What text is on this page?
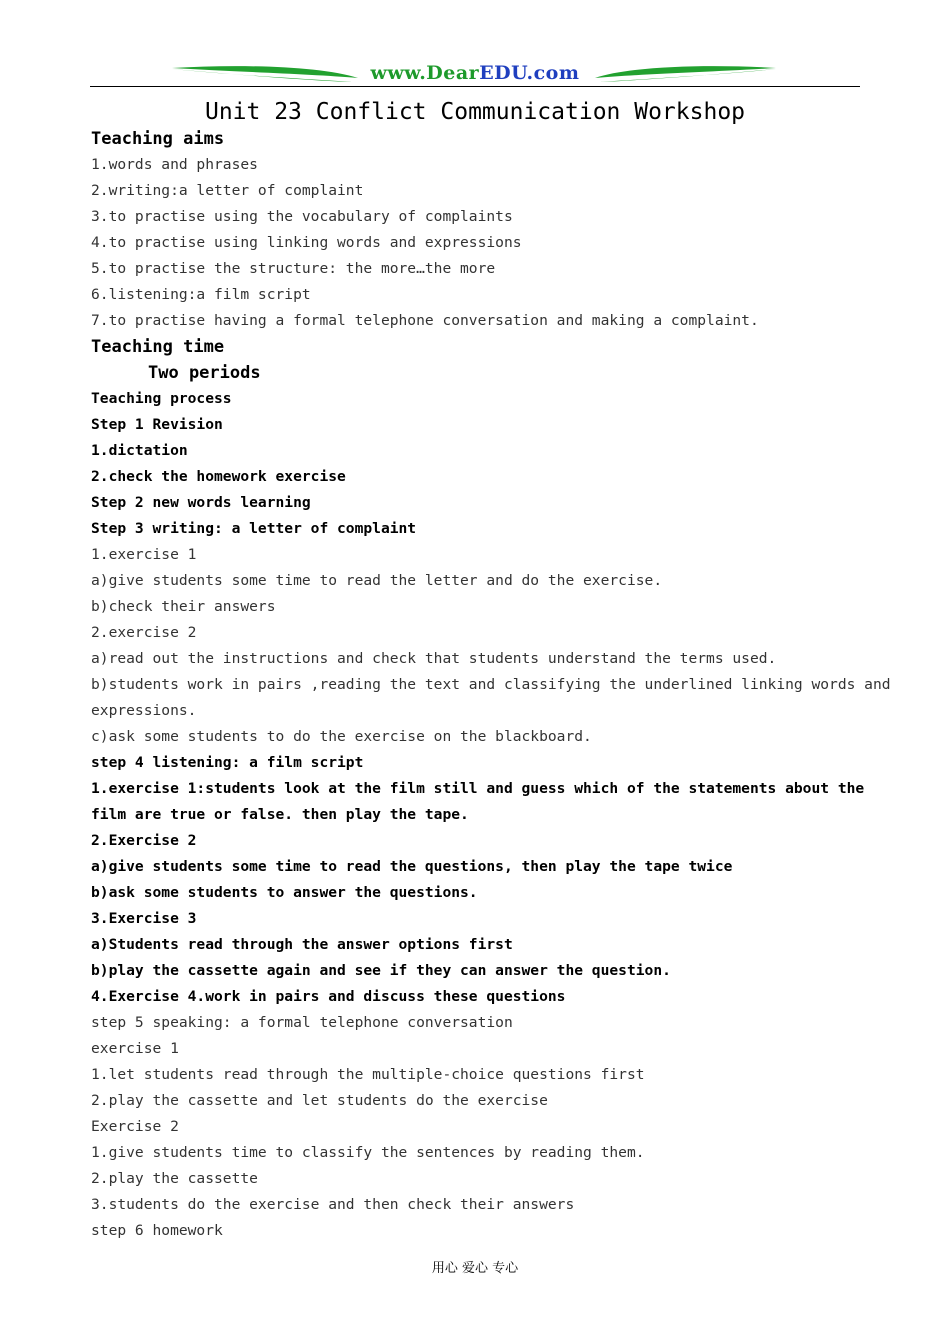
www.DearEDU.com
Unit 23 Conflict Communication Workshop
Teaching aims
1.words and phrases
2.writing:a letter of complaint
3.to practise using the vocabulary of complaints
4.to practise using linking words and expressions
5.to practise the structure: the more…the more
6.listening:a film script
7.to practise having a formal telephone conversation and making a complaint.
Teaching time
Two periods
Teaching process
Step 1 Revision
1.dictation
2.check the homework exercise
Step 2 new words learning
Step 3 writing: a letter of complaint
1.exercise 1
a)give students some time to read the letter and do the exercise.
b)check their answers
2.exercise 2
a)read out the instructions and check that students understand the terms used.
b)students work in pairs ,reading the text and classifying the underlined linking words and
expressions.
c)ask some students to do the exercise on the blackboard.
step 4 listening: a film script
1.exercise 1:students look at the film still and guess which of the statements about the
film are true or false. then play the tape.
2.Exercise 2
a)give students some time to read the questions, then play the tape twice
b)ask some students to answer the questions.
3.Exercise 3
a)Students read through the answer options first
b)play the cassette again and see if they can answer the question.
4.Exercise 4.work in pairs and discuss these questions
step 5 speaking: a formal telephone conversation
exercise 1
1.let students read through the multiple-choice questions first
2.play the cassette and let students do the exercise
Exercise 2
1.give students time to classify the sentences by reading them.
2.play the cassette
3.students do the exercise and then check their answers
step 6 homework
用心 爱心 专心
